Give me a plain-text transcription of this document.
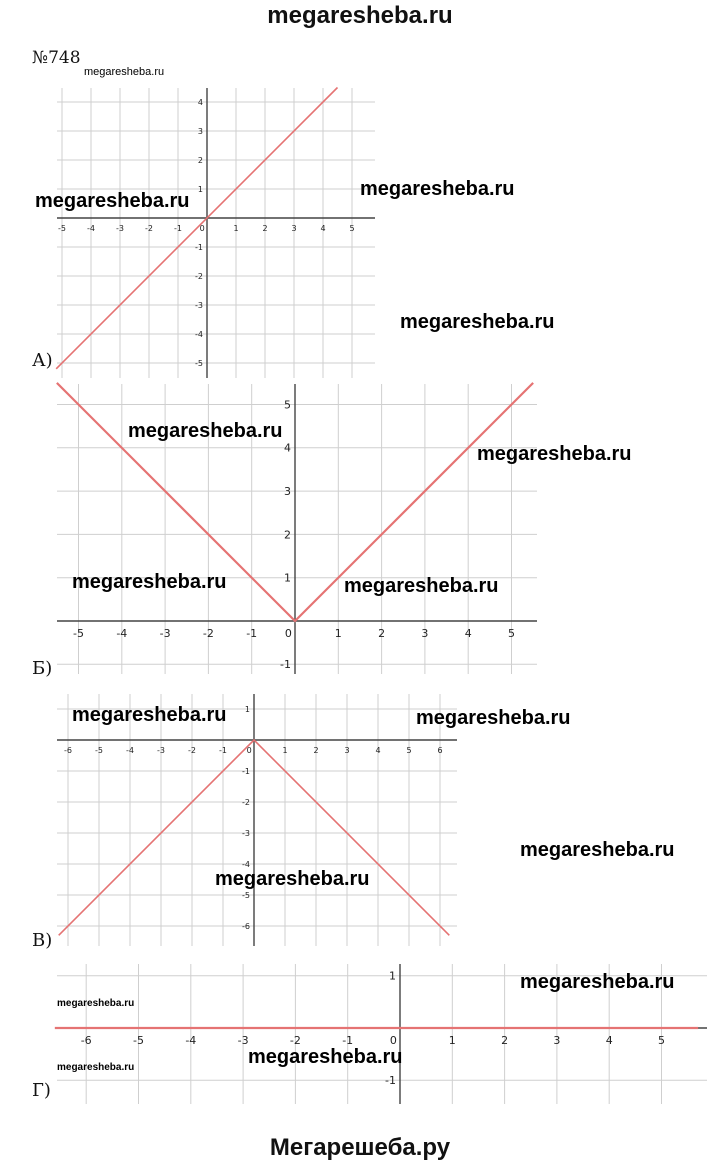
megaresheba.ru
№748
-5	-4	-3	-2	-1 0	1	2	3	4	5
-5
-4
-3
-2
-1
1
2
3
4
А)
-5	-4	-3	-2	-1	0	1	2	3	4	5
-1
1
2
3
4
5
Б)
-6	-5	-4	-3	-2	-1 0	1	2	3	4	5	6
-6
-5
-4
-3
-2
-1
1
В)
-6	-5	-4	-3	-2	-1	0	1	2	3	4	5
-1
1
Г)
megaresheba.ru
megaresheba.ru
megaresheba.ru
megaresheba.ru
megaresheba.ru
megaresheba.ru
megaresheba.ru	megaresheba.ru
megaresheba.ru	megaresheba.ru
megaresheba.ru
megaresheba.ru
megaresheba.ru
megaresheba.ru
megaresheba.ru
megaresheba.ru
Мегарешеба.ру
